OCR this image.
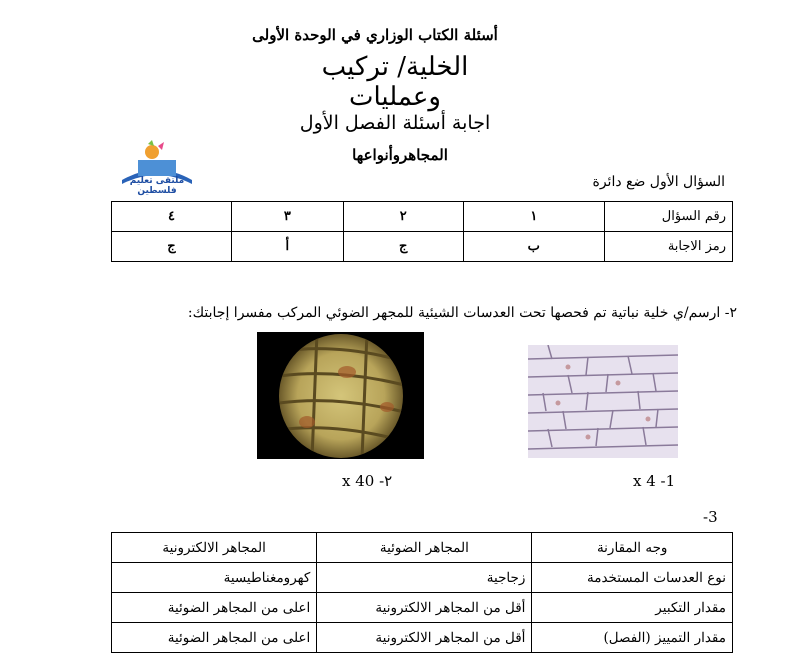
أسئلة الكتاب الوزاري في الوحدة الأولى
الخلية/ تركيب وعمليات
اجابة أسئلة الفصل الأول
المجاهروأنواعها
ملتقى تعليم فلسطين
السؤال الأول ضع دائرة
٤	٣	٢	١	رقم السؤال
ج	أ	ج	ب	رمز الاجابة
٢- ارسم/ي خلية نباتية تم فحصها تحت العدسات الشيئية للمجهر الضوئي المركب مفسرا إجابتك:
x 40 -٢	x 4 -1
-3
وجه المقارنة	المجاهر الضوئية	المجاهر الالكترونية
نوع العدسات المستخدمة	زجاجية	كهرومغناطيسية
مقدار التكبير	أقل من المجاهر الالكترونية	اعلى من المجاهر الضوئية
مقدار التمييز (الفصل)	أقل من المجاهر الالكترونية	اعلى من المجاهر الضوئية
